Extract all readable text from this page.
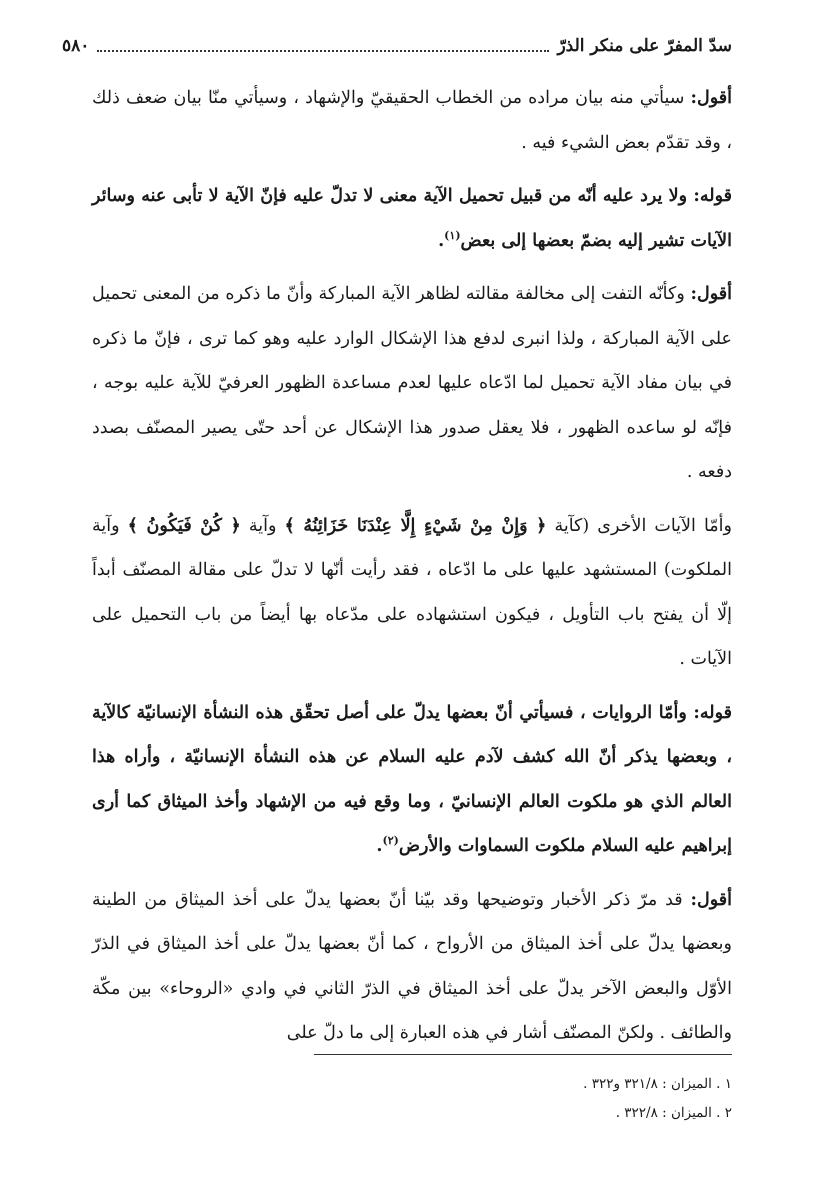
سدّ المفرّ على منكر الذرّ
٥٨٠

أقول: سيأتي منه بيان مراده من الخطاب الحقيقيّ والإشهاد ، وسيأتي منّا بيان ضعف ذلك ، وقد تقدّم بعض الشيء فيه .

قوله: ولا يرد عليه أنّه من قبيل تحميل الآية معنى لا تدلّ عليه فإنّ الآية لا تأبى عنه وسائر الآيات تشير إليه بضمّ بعضها إلى بعض$^{(١)}$.

أقول: وكأنّه التفت إلى مخالفة مقالته لظاهر الآية المباركة وأنّ ما ذكره من المعنى تحميل على الآية المباركة ، ولذا انبرى لدفع هذا الإشكال الوارد عليه وهو كما ترى ، فإنّ ما ذكره في بيان مفاد الآية تحميل لما ادّعاه عليها لعدم مساعدة الظهور العرفيّ للآية عليه بوجه ، فإنّه لو ساعده الظهور ، فلا يعقل صدور هذا الإشكال عن أحد حتّى يصير المصنّف بصدد دفعه .

وأمّا الآيات الأخرى (كآية ﴿ وَإِنْ مِنْ شَيْءٍ إِلَّا عِنْدَنَا خَزَائِنُهُ ﴾ وآية ﴿ كُنْ فَيَكُونُ ﴾ وآية الملكوت) المستشهد عليها على ما ادّعاه ، فقد رأيت أنّها لا تدلّ على مقالة المصنّف أبداً إلّا أن يفتح باب التأويل ، فيكون استشهاده على مدّعاه بها أيضاً من باب التحميل على الآيات .

قوله: وأمّا الروايات ، فسيأتي أنّ بعضها يدلّ على أصل تحقّق هذه النشأة الإنسانيّة كالآية ، وبعضها يذكر أنّ الله كشف لآدم عليه السلام عن هذه النشأة الإنسانيّة ، وأراه هذا العالم الذي هو ملكوت العالم الإنسانيّ ، وما وقع فيه من الإشهاد وأخذ الميثاق كما أرى إبراهيم عليه السلام ملكوت السماوات والأرض$^{(٢)}$.

أقول: قد مرّ ذكر الأخبار وتوضيحها وقد بيّنا أنّ بعضها يدلّ على أخذ الميثاق من الطينة وبعضها يدلّ على أخذ الميثاق من الأرواح ، كما أنّ بعضها يدلّ على أخذ الميثاق في الذرّ الأوّل والبعض الآخر يدلّ على أخذ الميثاق في الذرّ الثاني في وادي «الروحاء» بين مكّة والطائف . ولكنّ المصنّف أشار في هذه العبارة إلى ما دلّ على

١ . الميزان : ٣٢١/٨ و٣٢٢ .
٢ . الميزان : ٣٢٢/٨ .
